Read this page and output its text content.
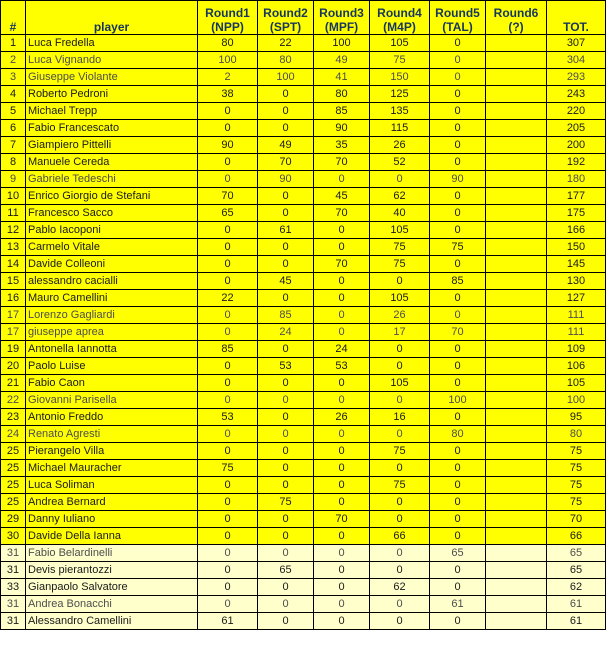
#	player	Round1 (NPP)	Round2 (SPT)	Round3 (MPF)	Round4 (M4P)	Round5 (TAL)	Round6 (?)	TOT.
1	Luca Fredella	80	22	100	105	0		307
2	Luca Vignando	100	80	49	75	0		304
3	Giuseppe Violante	2	100	41	150	0		293
4	Roberto Pedroni	38	0	80	125	0		243
5	Michael Trepp	0	0	85	135	0		220
6	Fabio Francescato	0	0	90	115	0		205
7	Giampiero Pittelli	90	49	35	26	0		200
8	Manuele Cereda	0	70	70	52	0		192
9	Gabriele Tedeschi	0	90	0	0	90		180
10	Enrico Giorgio de Stefani	70	0	45	62	0		177
11	Francesco Sacco	65	0	70	40	0		175
12	Pablo Iacoponi	0	61	0	105	0		166
13	Carmelo Vitale	0	0	0	75	75		150
14	Davide Colleoni	0	0	70	75	0		145
15	alessandro cacialli	0	45	0	0	85		130
16	Mauro Camellini	22	0	0	105	0		127
17	Lorenzo Gagliardi	0	85	0	26	0		111
17	giuseppe aprea	0	24	0	17	70		111
19	Antonella Iannotta	85	0	24	0	0		109
20	Paolo Luise	0	53	53	0	0		106
21	Fabio Caon	0	0	0	105	0		105
22	Giovanni Parisella	0	0	0	0	100		100
23	Antonio Freddo	53	0	26	16	0		95
24	Renato Agresti	0	0	0	0	80		80
25	Pierangelo Villa	0	0	0	75	0		75
25	Michael Mauracher	75	0	0	0	0		75
25	Luca Soliman	0	0	0	75	0		75
25	Andrea Bernard	0	75	0	0	0		75
29	Danny Iuliano	0	0	70	0	0		70
30	Davide Della Ianna	0	0	0	66	0		66
31	Fabio Belardinelli	0	0	0	0	65		65
31	Devis pierantozzi	0	65	0	0	0		65
33	Gianpaolo Salvatore	0	0	0	62	0		62
31	Andrea Bonacchi	0	0	0	0	61		61
31	Alessandro Camellini	61	0	0	0	0		61
